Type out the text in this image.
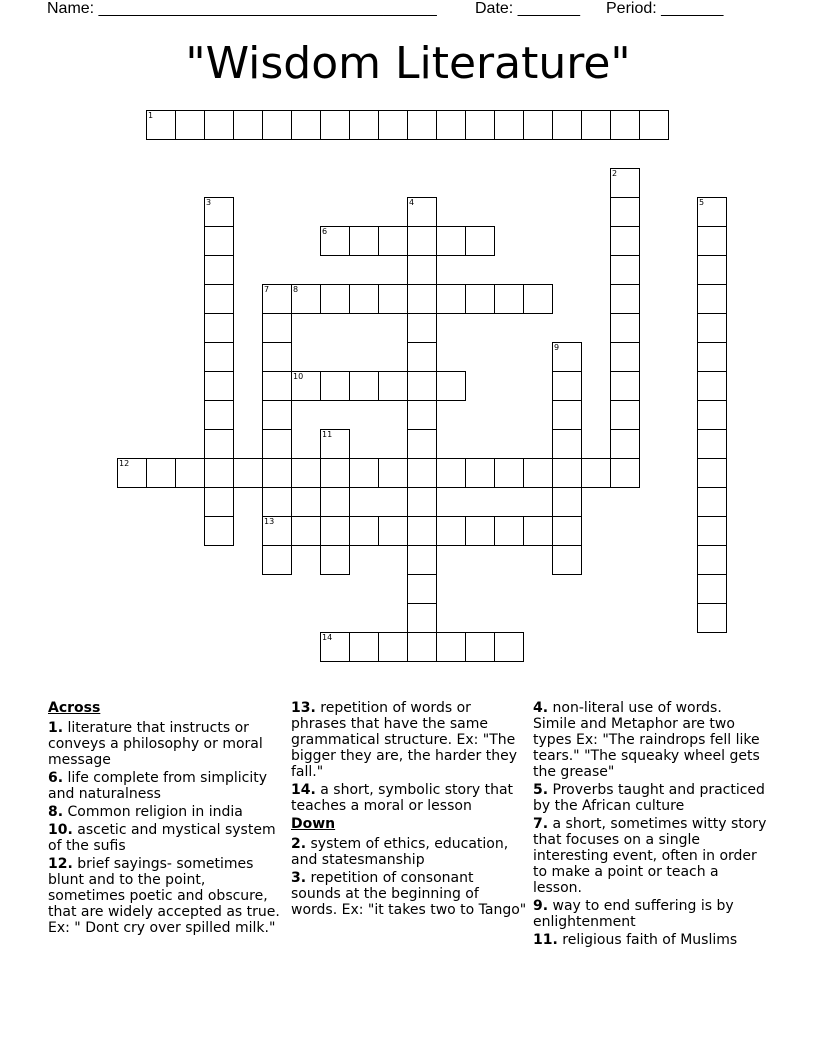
Name: ______________________________________ Date: _______ Period: _______
"Wisdom Literature"
1
2
3	4	5
6
7
13
8
9
10
11
12
14
Across
1. literature that instructs or conveys a philosophy or moral message
6. life complete from simplicity and naturalness
8. Common religion in india
10. ascetic and mystical system of the sufis
12. brief sayings- sometimes blunt and to the point, sometimes poetic and obscure, that are widely accepted as true. Ex: " Dont cry over spilled milk."
13. repetition of words or phrases that have the same grammatical structure. Ex: "The bigger they are, the harder they fall."
14. a short, symbolic story that teaches a moral or lesson
Down
2. system of ethics, education, and statesmanship
3. repetition of consonant sounds at the beginning of words. Ex: "it takes two to Tango"
4. non-literal use of words. Simile and Metaphor are two types Ex: "The raindrops fell like tears." "The squeaky wheel gets the grease"
5. Proverbs taught and practiced by the African culture
7. a short, sometimes witty story that focuses on a single interesting event, often in order to make a point or teach a lesson.
9. way to end suffering is by enlightenment
11. religious faith of Muslims
